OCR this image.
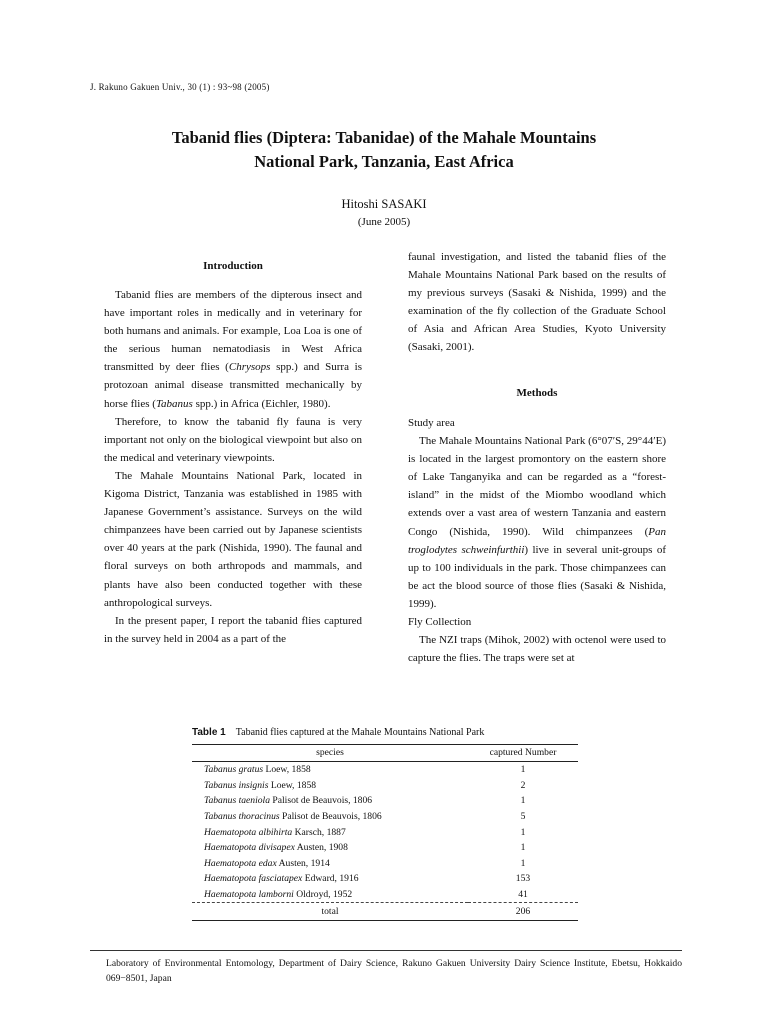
J. Rakuno Gakuen Univ., 30 (1) : 93~98 (2005)
Tabanid flies (Diptera: Tabanidae) of the Mahale Mountains
National Park, Tanzania, East Africa
Hitoshi SASAKI
(June 2005)
Introduction

Tabanid flies are members of the dipterous insect and have important roles in medically and in veterinary for both humans and animals. For example, Loa Loa is one of the serious human nematodiasis in West Africa transmitted by deer flies (Chrysops spp.) and Surra is protozoan animal disease transmitted mechanically by horse flies (Tabanus spp.) in Africa (Eichler, 1980).

Therefore, to know the tabanid fly fauna is very important not only on the biological viewpoint but also on the medical and veterinary viewpoints.

The Mahale Mountains National Park, located in Kigoma District, Tanzania was established in 1985 with Japanese Government’s assistance. Surveys on the wild chimpanzees have been carried out by Japanese scientists over 40 years at the park (Nishida, 1990). The faunal and floral surveys on both arthropods and mammals, and plants have also been conducted together with these anthropological surveys.

In the present paper, I report the tabanid flies captured in the survey held in 2004 as a part of the

faunal investigation, and listed the tabanid flies of the Mahale Mountains National Park based on the results of my previous surveys (Sasaki & Nishida, 1999) and the examination of the fly collection of the Graduate School of Asia and African Area Studies, Kyoto University (Sasaki, 2001).

Methods

Study area

The Mahale Mountains National Park (6°07′S, 29°44′E) is located in the largest promontory on the eastern shore of Lake Tanganyika and can be regarded as a “forest-island” in the midst of the Miombo woodland which extends over a vast area of western Tanzania and eastern Congo (Nishida, 1990). Wild chimpanzees (Pan troglodytes schweinfurthii) live in several unit-groups of up to 100 individuals in the park. Those chimpanzees can be act the blood source of those flies (Sasaki & Nishida, 1999).

Fly Collection

The NZI traps (Mihok, 2002) with octenol were used to capture the flies. The traps were set at

Table 1 Tabanid flies captured at the Mahale Mountains National Park
species	captured Number
Tabanus gratus Loew, 1858	1
Tabanus insignis Loew, 1858	2
Tabanus taeniola Palisot de Beauvois, 1806	1
Tabanus thoracinus Palisot de Beauvois, 1806	5
Haematopota albihirta Karsch, 1887	1
Haematopota divisapex Austen, 1908	1
Haematopota edax Austen, 1914	1
Haematopota fasciatapex Edward, 1916	153
Haematopota lamborni Oldroyd, 1952	41
total	206
Laboratory of Environmental Entomology, Department of Dairy Science, Rakuno Gakuen University Dairy Science Institute, Ebetsu, Hokkaido 069−8501, Japan
